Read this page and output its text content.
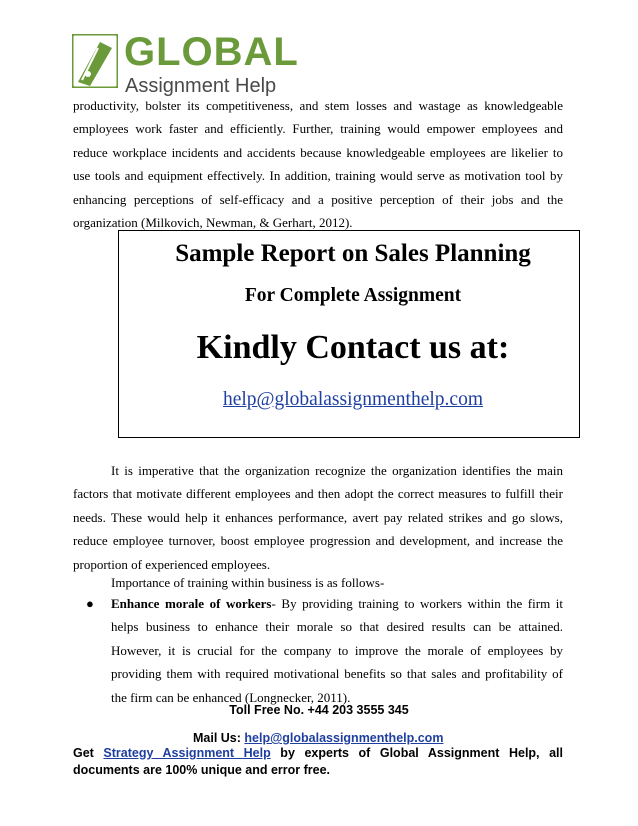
GLOBAL
Assignment Help

productivity, bolster its competitiveness, and stem losses and wastage as knowledgeable employees work faster and efficiently. Further, training would empower employees and reduce workplace incidents and accidents because knowledgeable employees are likelier to use tools and equipment effectively. In addition, training would serve as motivation tool by enhancing perceptions of self-efficacy and a positive perception of their jobs and the organization (Milkovich, Newman, & Gerhart, 2012).

Sample Report on Sales Planning
For Complete Assignment
Kindly Contact us at:
help@globalassignmenthelp.com

It is imperative that the organization recognize the organization identifies the main factors that motivate different employees and then adopt the correct measures to fulfill their needs. These would help it enhances performance, avert pay related strikes and go slows, reduce employee turnover, boost employee progression and development, and increase the proportion of experienced employees.

Importance of training within business is as follows-

● Enhance morale of workers- By providing training to workers within the firm it helps business to enhance their morale so that desired results can be attained. However, it is crucial for the company to improve the morale of employees by providing them with required motivational benefits so that sales and profitability of the firm can be enhanced (Longnecker, 2011).
Toll Free No. +44 203 3555 345
Mail Us: help@globalassignmenthelp.com
Get Strategy Assignment Help by experts of Global Assignment Help, all documents are 100% unique and error free.
